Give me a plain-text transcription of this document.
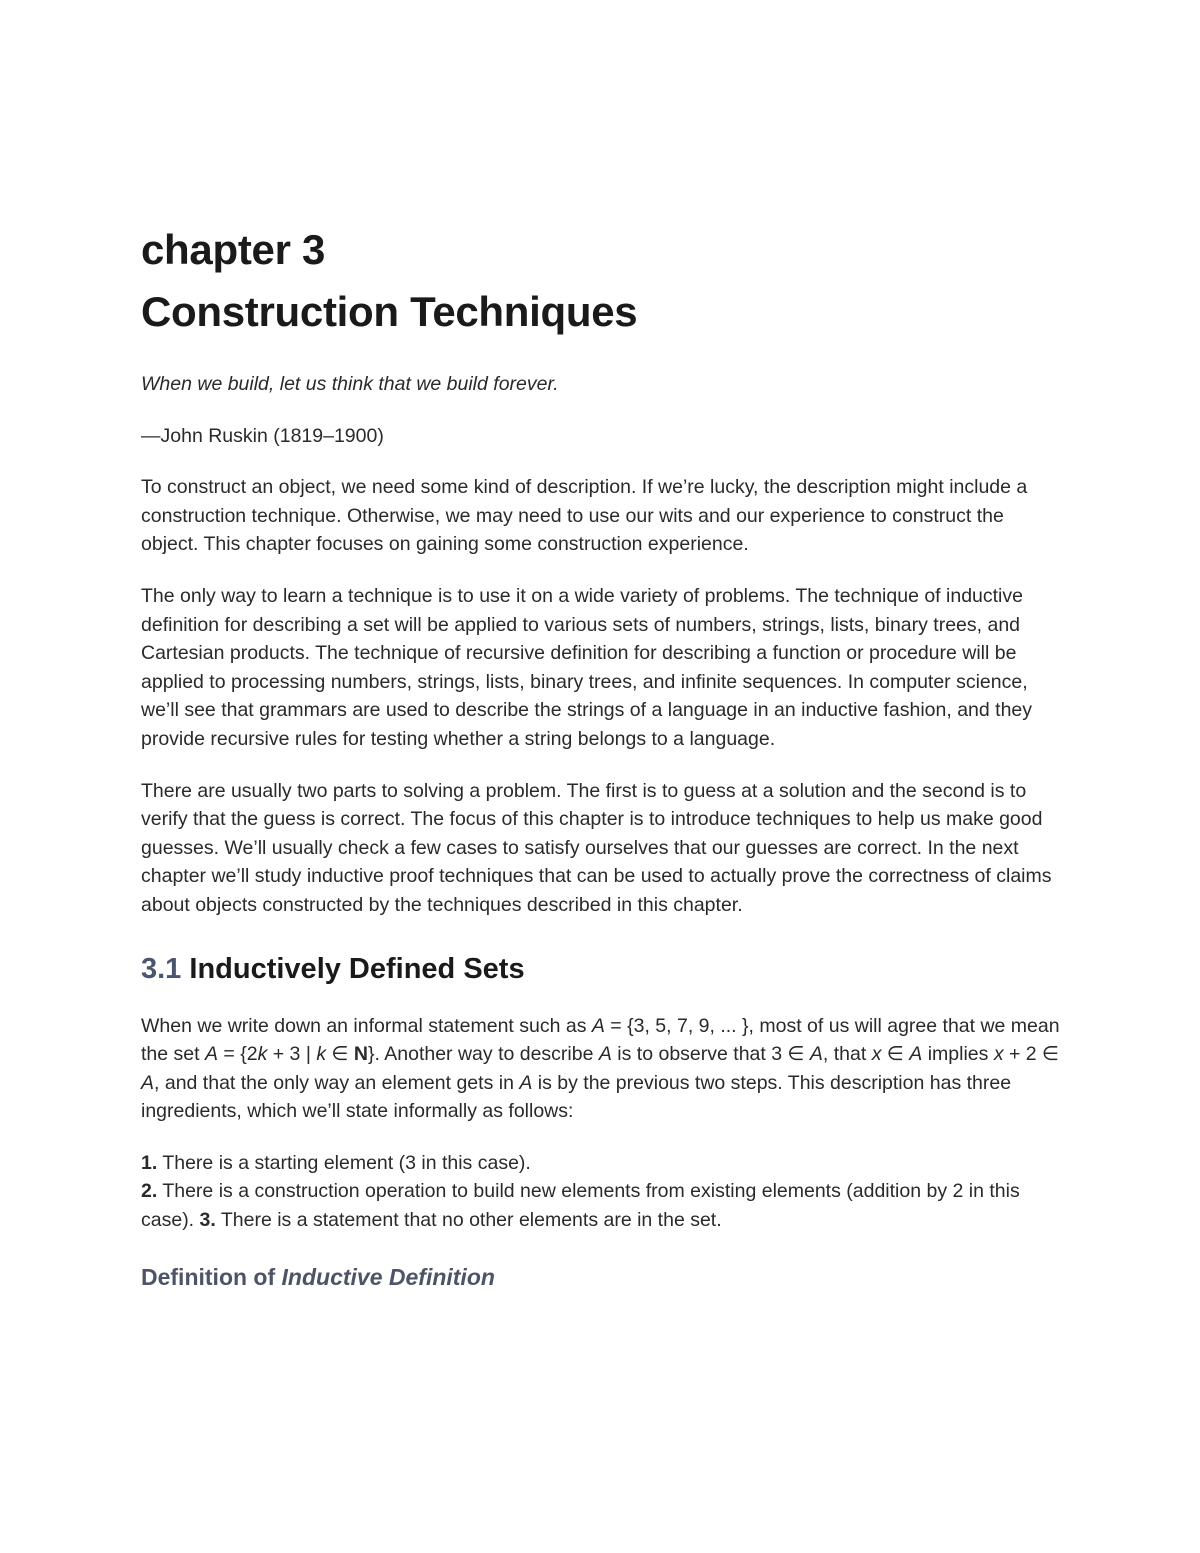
chapter 3
Construction Techniques

When we build, let us think that we build forever.

—John Ruskin (1819–1900)

To construct an object, we need some kind of description. If we’re lucky, the description might include a construction technique. Otherwise, we may need to use our wits and our experience to construct the object. This chapter focuses on gaining some construction experience.

The only way to learn a technique is to use it on a wide variety of problems. The technique of inductive definition for describing a set will be applied to various sets of numbers, strings, lists, binary trees, and Cartesian products. The technique of recursive definition for describing a function or procedure will be applied to processing numbers, strings, lists, binary trees, and infinite sequences. In computer science, we’ll see that grammars are used to describe the strings of a language in an inductive fashion, and they provide recursive rules for testing whether a string belongs to a language.

There are usually two parts to solving a problem. The first is to guess at a solution and the second is to verify that the guess is correct. The focus of this chapter is to introduce techniques to help us make good guesses. We’ll usually check a few cases to satisfy ourselves that our guesses are correct. In the next chapter we’ll study inductive proof techniques that can be used to actually prove the correctness of claims about objects constructed by the techniques described in this chapter.

3.1 Inductively Defined Sets

When we write down an informal statement such as A = {3, 5, 7, 9, ... }, most of us will agree that we mean the set A = {2k + 3 | k ∈ N}. Another way to describe A is to observe that 3 ∈ A, that x ∈ A implies x + 2 ∈ A, and that the only way an element gets in A is by the previous two steps. This description has three ingredients, which we’ll state informally as follows:

1. There is a starting element (3 in this case).
2. There is a construction operation to build new elements from existing elements (addition by 2 in this case). 3. There is a statement that no other elements are in the set.

Definition of Inductive Definition
